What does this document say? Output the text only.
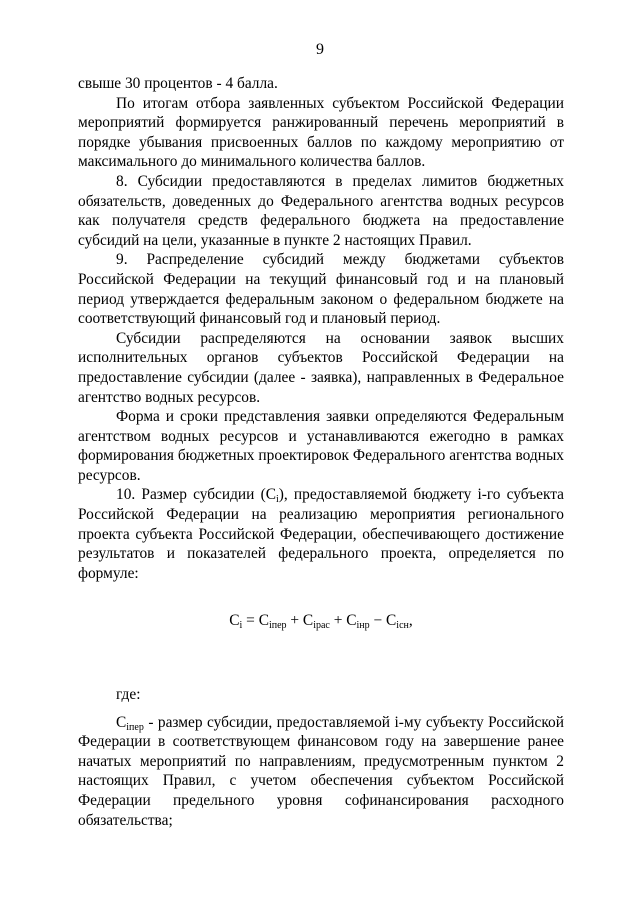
9

свыше 30 процентов - 4 балла.

По итогам отбора заявленных субъектом Российской Федерации мероприятий формируется ранжированный перечень мероприятий в порядке убывания присвоенных баллов по каждому мероприятию от максимального до минимального количества баллов.

8. Субсидии предоставляются в пределах лимитов бюджетных обязательств, доведенных до Федерального агентства водных ресурсов как получателя средств федерального бюджета на предоставление субсидий на цели, указанные в пункте 2 настоящих Правил.

9. Распределение субсидий между бюджетами субъектов Российской Федерации на текущий финансовый год и на плановый период утверждается федеральным законом о федеральном бюджете на соответствующий финансовый год и плановый период.

Субсидии распределяются на основании заявок высших исполнительных органов субъектов Российской Федерации на предоставление субсидии (далее - заявка), направленных в Федеральное агентство водных ресурсов.

Форма и сроки представления заявки определяются Федеральным агентством водных ресурсов и устанавливаются ежегодно в рамках формирования бюджетных проектировок Федерального агентства водных ресурсов.

10. Размер субсидии $(C_i)$, предоставляемой бюджету i-го субъекта Российской Федерации на реализацию мероприятия регионального проекта субъекта Российской Федерации, обеспечивающего достижение результатов и показателей федерального проекта, определяется по формуле:

$C_i = C_{iпер} + C_{iрас} + C_{iнр} - C_{iсн}$,

где:

$C_{iпер}$ - размер субсидии, предоставляемой i-му субъекту Российской Федерации в соответствующем финансовом году на завершение ранее начатых мероприятий по направлениям, предусмотренным пунктом 2 настоящих Правил, с учетом обеспечения субъектом Российской Федерации предельного уровня софинансирования расходного обязательства;
